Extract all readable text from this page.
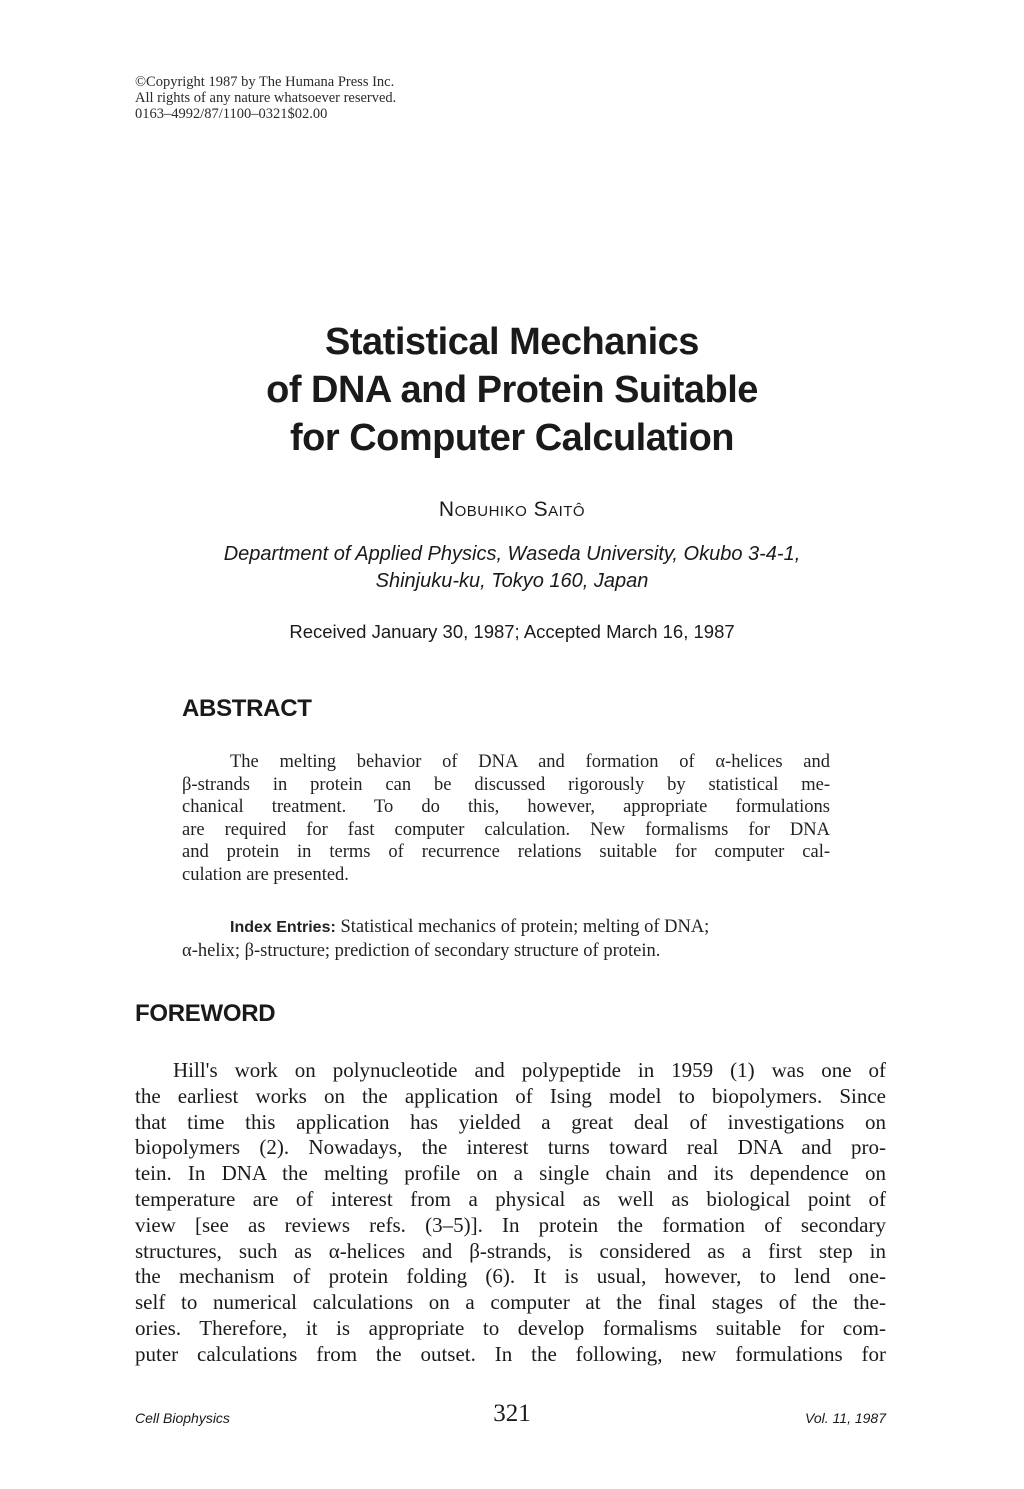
©Copyright 1987 by The Humana Press Inc.
All rights of any nature whatsoever reserved.
0163–4992/87/1100–0321$02.00
Statistical Mechanics
of DNA and Protein Suitable
for Computer Calculation
Nobuhiko Saitô
Department of Applied Physics, Waseda University, Okubo 3-4-1,
Shinjuku-ku, Tokyo 160, Japan
Received January 30, 1987; Accepted March 16, 1987
ABSTRACT
The melting behavior of DNA and formation of α-helices and
β-strands in protein can be discussed rigorously by statistical me-
chanical treatment. To do this, however, appropriate formulations
are required for fast computer calculation. New formalisms for DNA
and protein in terms of recurrence relations suitable for computer cal-
culation are presented.
Index Entries: Statistical mechanics of protein; melting of DNA;
α-helix; β-structure; prediction of secondary structure of protein.
FOREWORD
Hill's work on polynucleotide and polypeptide in 1959 (1) was one of
the earliest works on the application of Ising model to biopolymers. Since
that time this application has yielded a great deal of investigations on
biopolymers (2). Nowadays, the interest turns toward real DNA and pro-
tein. In DNA the melting profile on a single chain and its dependence on
temperature are of interest from a physical as well as biological point of
view [see as reviews refs. (3–5)]. In protein the formation of secondary
structures, such as α-helices and β-strands, is considered as a first step in
the mechanism of protein folding (6). It is usual, however, to lend one-
self to numerical calculations on a computer at the final stages of the the-
ories. Therefore, it is appropriate to develop formalisms suitable for com-
puter calculations from the outset. In the following, new formulations for
Cell Biophysics	321	Vol. 11, 1987
